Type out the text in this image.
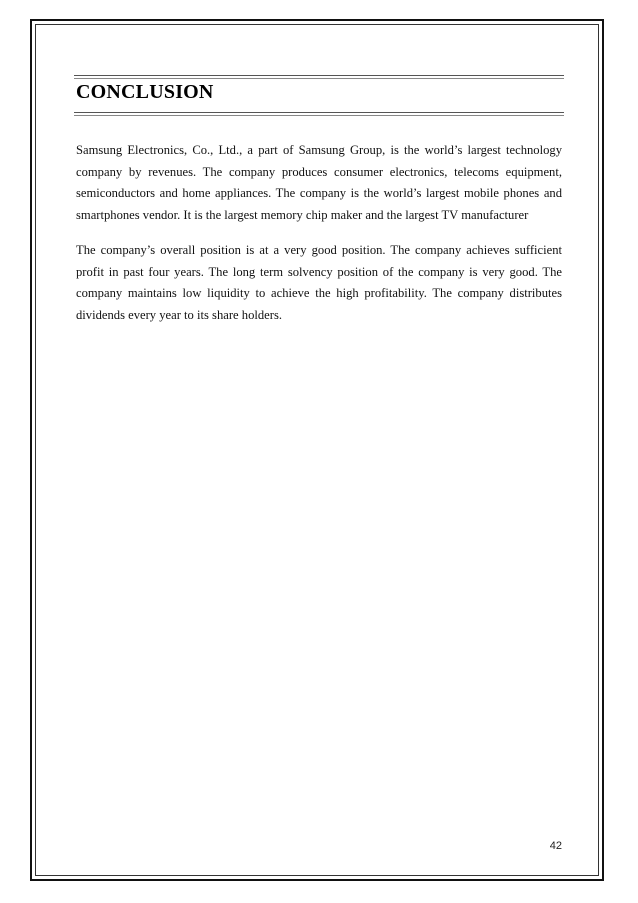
CONCLUSION

Samsung Electronics, Co., Ltd., a part of Samsung Group, is the world’s largest technology company by revenues. The company produces consumer electronics, telecoms equipment, semiconductors and home appliances. The company is the world’s largest mobile phones and smartphones vendor. It is the largest memory chip maker and the largest TV manufacturer

The company’s overall position is at a very good position. The company achieves sufficient profit in past four years. The long term solvency position of the company is very good. The company maintains low liquidity to achieve the high profitability. The company distributes dividends every year to its share holders.

42
